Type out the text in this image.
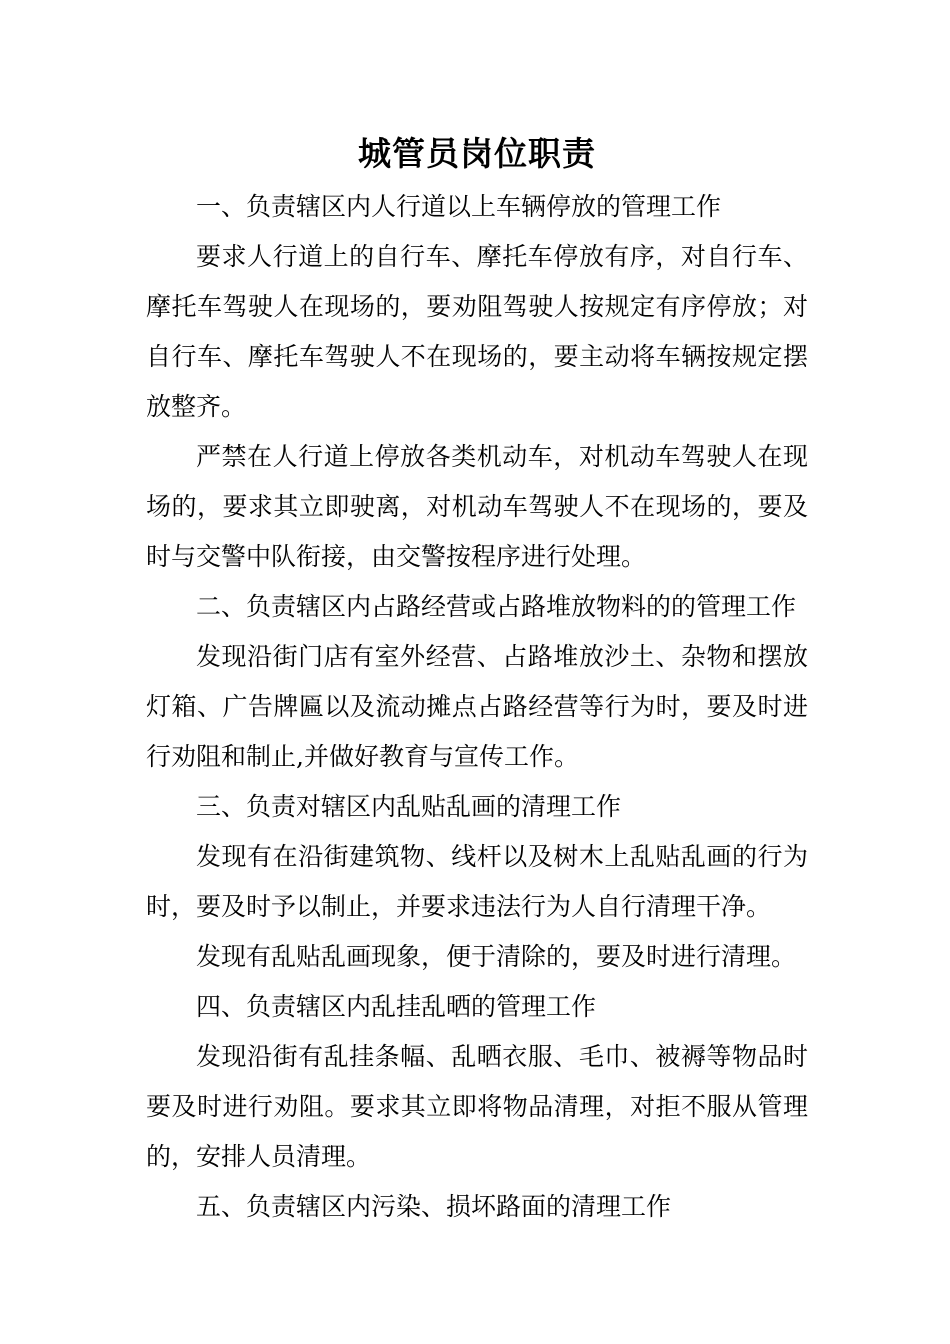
城管员岗位职责

一、负责辖区内人行道以上车辆停放的管理工作

要求人行道上的自行车、摩托车停放有序，对自行车、摩托车驾驶人在现场的，要劝阻驾驶人按规定有序停放；对自行车、摩托车驾驶人不在现场的，要主动将车辆按规定摆放整齐。

严禁在人行道上停放各类机动车，对机动车驾驶人在现场的，要求其立即驶离，对机动车驾驶人不在现场的，要及时与交警中队衔接，由交警按程序进行处理。

二、负责辖区内占路经营或占路堆放物料的的管理工作

发现沿街门店有室外经营、占路堆放沙土、杂物和摆放灯箱、广告牌匾以及流动摊点占路经营等行为时，要及时进行劝阻和制止,并做好教育与宣传工作。

三、负责对辖区内乱贴乱画的清理工作

发现有在沿街建筑物、线杆以及树木上乱贴乱画的行为时，要及时予以制止，并要求违法行为人自行清理干净。

发现有乱贴乱画现象，便于清除的，要及时进行清理。

四、负责辖区内乱挂乱晒的管理工作

发现沿街有乱挂条幅、乱晒衣服、毛巾、被褥等物品时要及时进行劝阻。要求其立即将物品清理，对拒不服从管理的，安排人员清理。

五、负责辖区内污染、损坏路面的清理工作
